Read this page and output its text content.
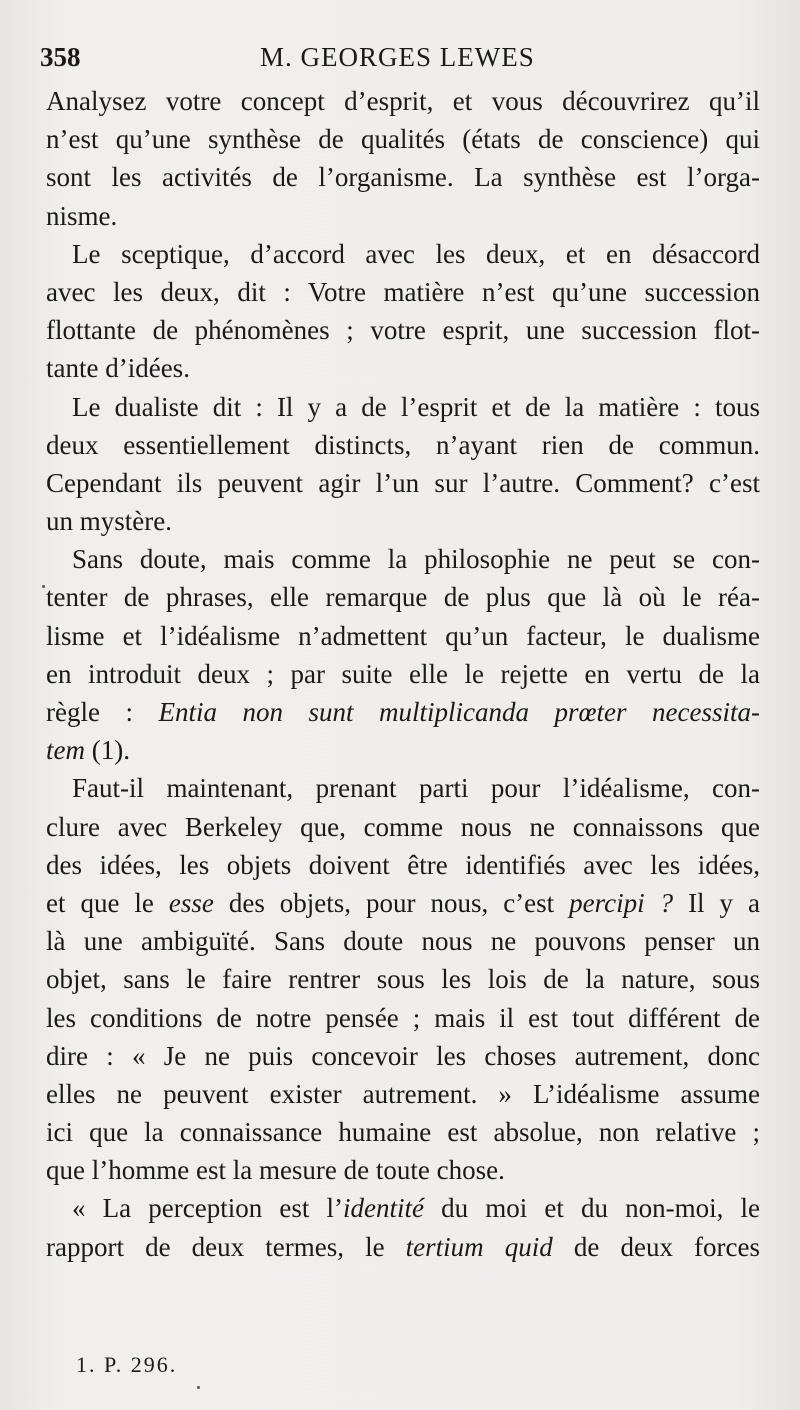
358	M. GEORGES LEWES
Analysez votre concept d’esprit, et vous découvrirez qu’il
n’est qu’une synthèse de qualités (états de conscience) qui
sont les activités de l’organisme. La synthèse est l’orga-
nisme.
Le sceptique, d’accord avec les deux, et en désaccord
avec les deux, dit : Votre matière n’est qu’une succession
flottante de phénomènes ; votre esprit, une succession flot-
tante d’idées.
Le dualiste dit : Il y a de l’esprit et de la matière : tous
deux essentiellement distincts, n’ayant rien de commun.
Cependant ils peuvent agir l’un sur l’autre. Comment? c’est
un mystère.
Sans doute, mais comme la philosophie ne peut se con-
tenter de phrases, elle remarque de plus que là où le réa-
lisme et l’idéalisme n’admettent qu’un facteur, le dualisme
en introduit deux ; par suite elle le rejette en vertu de la
règle : Entia non sunt multiplicanda prœter necessita-
tem (1).
Faut-il maintenant, prenant parti pour l’idéalisme, con-
clure avec Berkeley que, comme nous ne connaissons que
des idées, les objets doivent être identifiés avec les idées,
et que le esse des objets, pour nous, c’est percipi ? Il y a
là une ambiguïté. Sans doute nous ne pouvons penser un
objet, sans le faire rentrer sous les lois de la nature, sous
les conditions de notre pensée ; mais il est tout différent de
dire : « Je ne puis concevoir les choses autrement, donc
elles ne peuvent exister autrement. » L’idéalisme assume
ici que la connaissance humaine est absolue, non relative ;
que l’homme est la mesure de toute chose.
« La perception est l’identité du moi et du non-moi, le
rapport de deux termes, le tertium quid de deux forces
1. P. 296.
